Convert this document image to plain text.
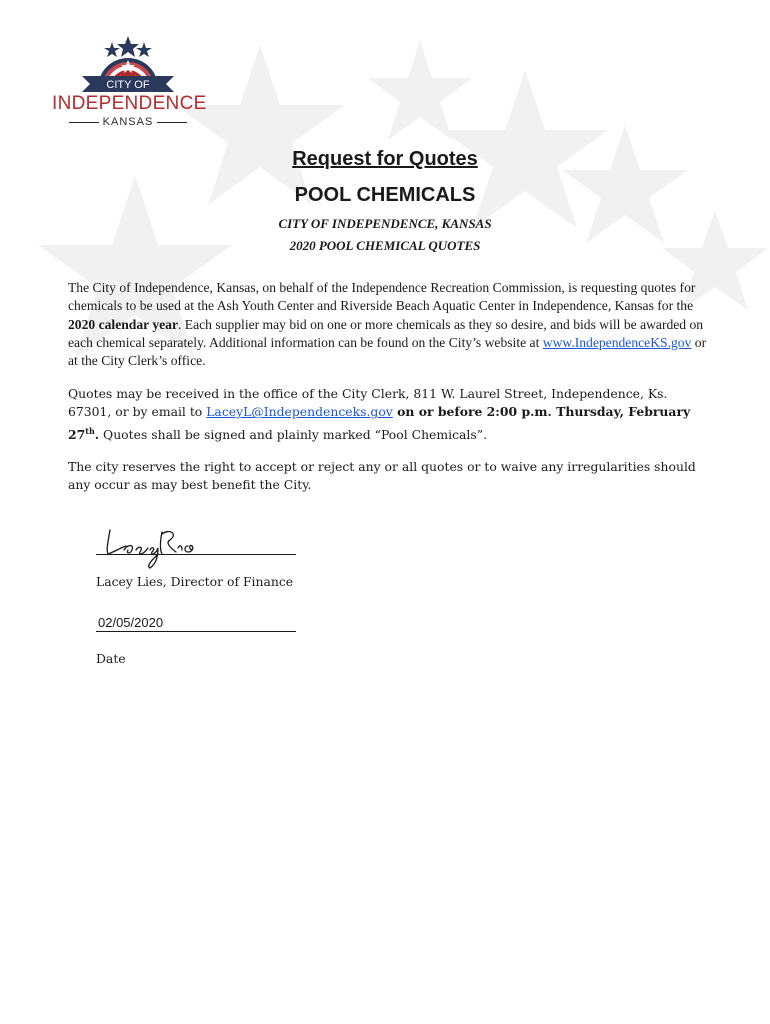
CITY OF
INDEPENDENCE
KANSAS
Request for Quotes
POOL CHEMICALS

CITY OF INDEPENDENCE, KANSAS

2020 POOL CHEMICAL QUOTES

The City of Independence, Kansas, on behalf of the Independence Recreation Commission, is requesting quotes for chemicals to be used at the Ash Youth Center and Riverside Beach Aquatic Center in Independence, Kansas for the 2020 calendar year. Each supplier may bid on one or more chemicals as they so desire, and bids will be awarded on each chemical separately. Additional information can be found on the City’s website at www.IndependenceKS.gov or at the City Clerk’s office.

Quotes may be received in the office of the City Clerk, 811 W. Laurel Street, Independence, Ks. 67301, or by email to LaceyL@Independenceks.gov on or before 2:00 p.m. Thursday, February 27th. Quotes shall be signed and plainly marked “Pool Chemicals”.

The city reserves the right to accept or reject any or all quotes or to waive any irregularities should any occur as may best benefit the City.

Lacey Lies, Director of Finance

02/05/2020

Date
